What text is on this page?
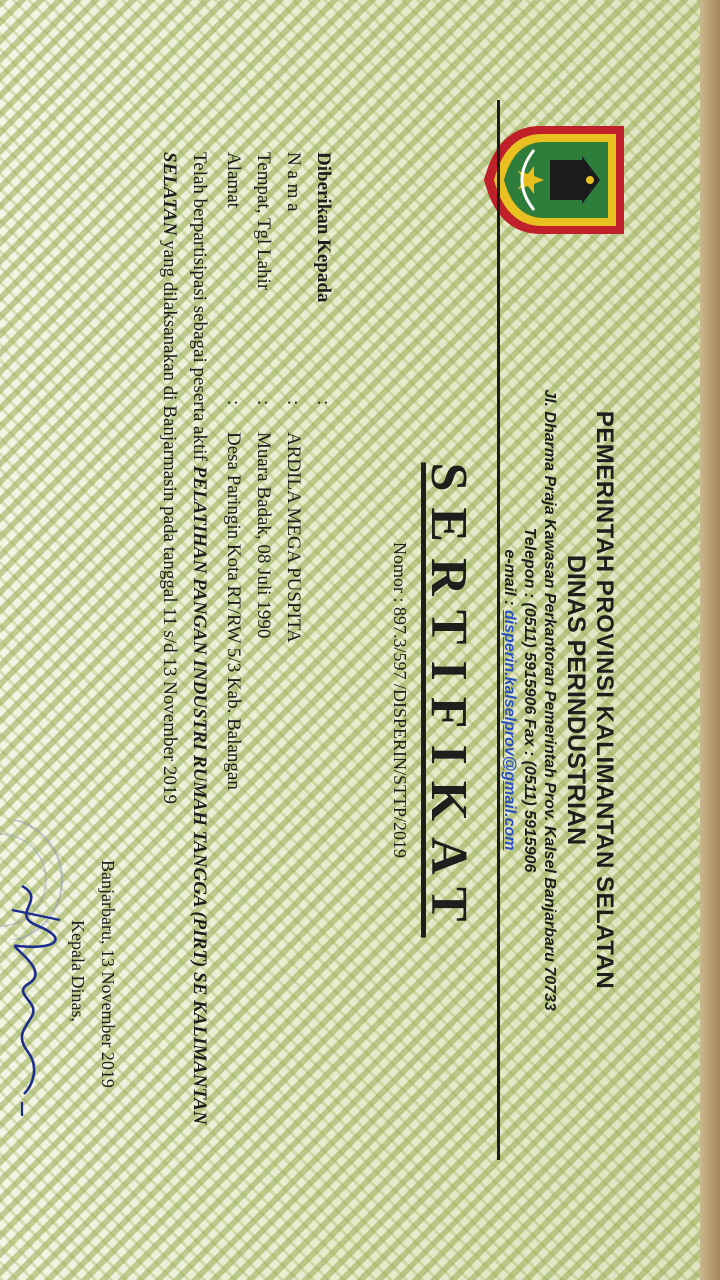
PEMERINTAH PROVINSI KALIMANTAN SELATAN
DINAS PERINDUSTRIAN
Jl. Dharma Praja Kawasan Perkantoran Pemerintah Prov. Kalsel Banjarbaru 70733
Telepon : (0511) 5915906 Fax : (0511) 5915906
e-mail : disperin.kalselprov@gmail.com
SERTIFIKAT
Nomor : 897.3/597 /DISPERIN/STTP/2019
Diberikan Kepada
:
N a m a
:
ARDILA MEGA PUSPITA
Tempat, Tgl Lahir
:
Muara Badak, 08 Juli 1990
Alamat
:
Desa Paringin Kota RT/RW 5/3 Kab. Balangan
Telah berpartisipasi sebagai peserta aktif PELATIHAN PANGAN INDUSTRI RUMAH TANGGA (PIRT) SE KALIMANTAN SELATAN yang dilaksanakan di Banjarmasin pada tanggal 11 s/d 13 November 2019
Banjarbaru, 13 November 2019
Kepala Dinas,
